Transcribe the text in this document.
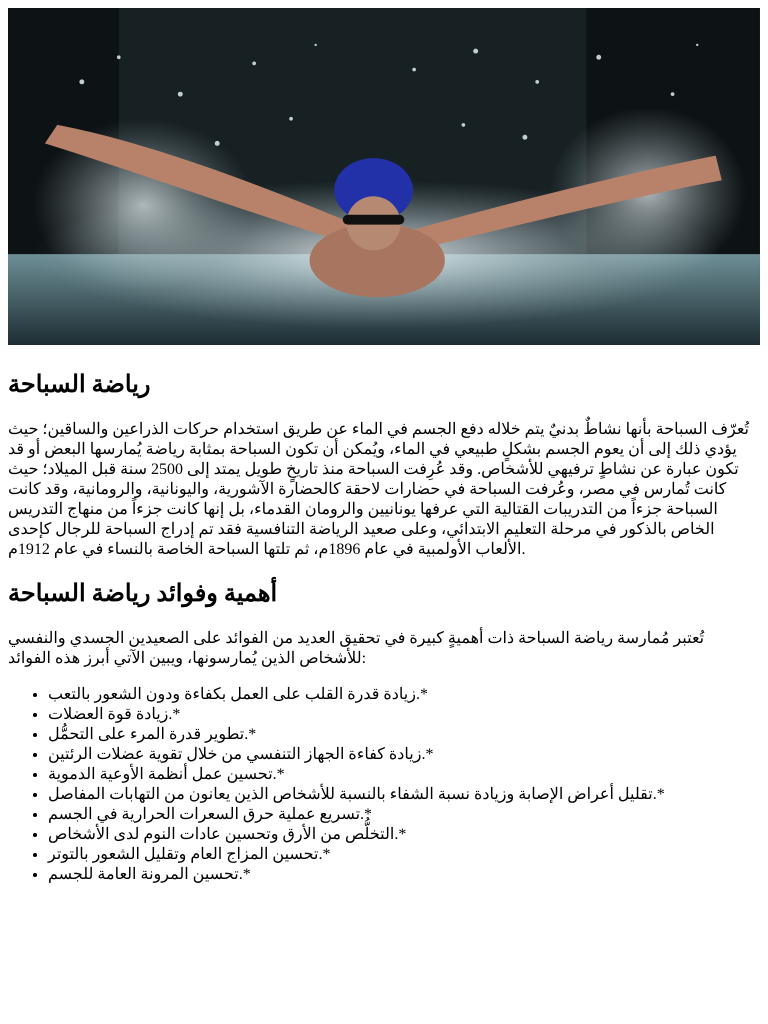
رياضة السباحة

تُعرّف السباحة بأنها نشاطٌ بدنيٌ يتم خلاله دفع الجسم في الماء عن طريق استخدام حركات الذراعين والساقين؛ حيث يؤدي ذلك إلى أن يعوم الجسم بشكلٍ طبيعي في الماء، ويُمكن أن تكون السباحة بمثابة رياضة يُمارسها البعض أو قد تكون عبارة عن نشاطٍ ترفيهي للأشخاص. وقد عُرِفت السباحة منذ تاريخٍ طويل يمتد إلى 2500 سنة قبل الميلاد؛ حيث كانت تُمارس في مصر، وعُرفت السباحة في حضارات لاحقة كالحضارة الآشورية، واليونانية، والرومانية، وقد كانت السباحة جزءاً من التدريبات القتالية التي عرفها يونانيين والرومان القدماء، بل إنها كانت جزءاً من منهاج التدريس الخاص بالذكور في مرحلة التعليم الابتدائي، وعلى صعيد الرياضة التنافسية فقد تم إدراج السباحة للرجال كإحدى الألعاب الأولمبية في عام 1896م، ثم تلتها السباحة الخاصة بالنساء في عام 1912م.

أهمية وفوائد رياضة السباحة

تُعتبر مُمارسة رياضة السباحة ذات أهميةٍ كبيرة في تحقيق العديد من الفوائد على الصعيدين الجسدي والنفسي للأشخاص الذين يُمارسونها، ويبين الآتي أبرز هذه الفوائد:

• زيادة قدرة القلب على العمل بكفاءة ودون الشعور بالتعب.*
• زيادة قوة العضلات.*
• تطوير قدرة المرء على التحمُّل.*
• زيادة كفاءة الجهاز التنفسي من خلال تقوية عضلات الرئتين.*
• تحسين عمل أنظمة الأوعية الدموية.*
• تقليل أعراض الإصابة وزيادة نسبة الشفاء بالنسبة للأشخاص الذين يعانون من التهابات المفاصل.*
• تسريع عملية حرق السعرات الحرارية في الجسم.*
• التخلُّص من الأرق وتحسين عادات النوم لدى الأشخاص.*
• تحسين المزاج العام وتقليل الشعور بالتوتر.*
• تحسين المرونة العامة للجسم.*
